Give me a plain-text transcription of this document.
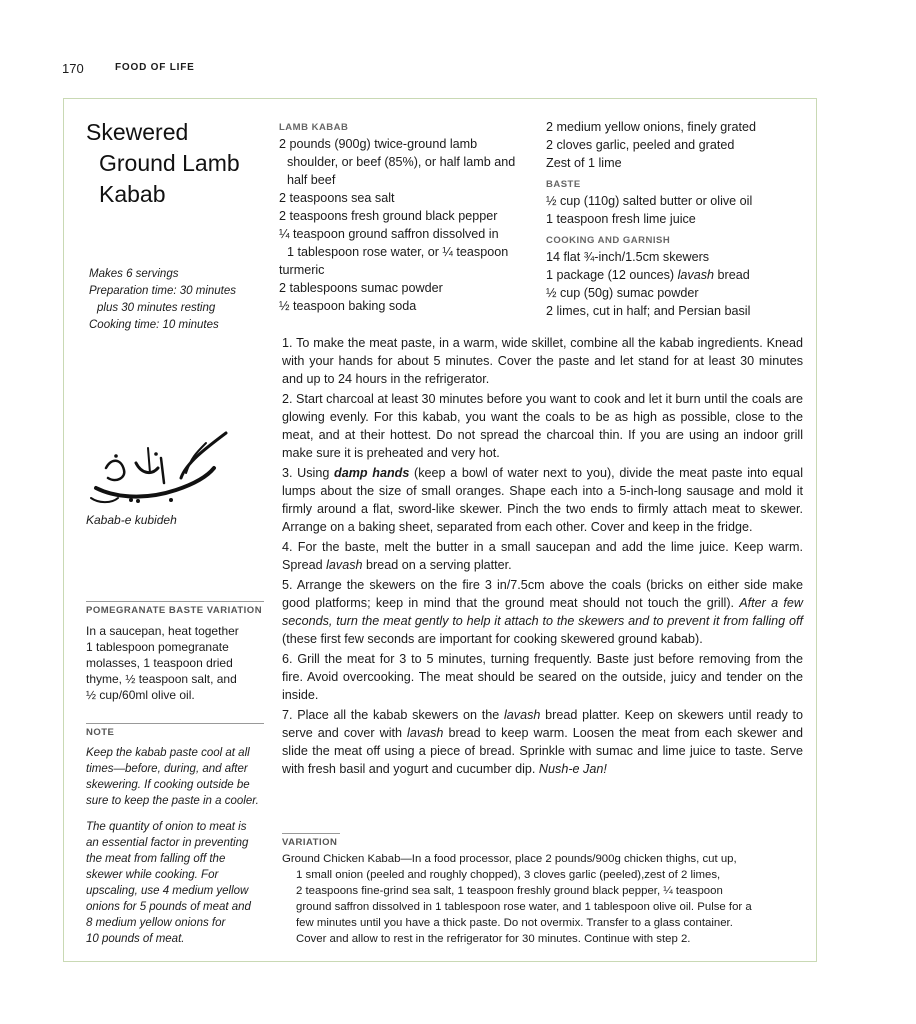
170	FOOD OF LIFE
Skewered
Ground Lamb
Kabab
Makes 6 servings
Preparation time: 30 minutes
plus 30 minutes resting
Cooking time: 10 minutes
Kabab-e kubideh
POMEGRANATE BASTE VARIATION
In a saucepan, heat together
1 tablespoon pomegranate
molasses, 1 teaspoon dried
thyme, ½ teaspoon salt, and
½ cup/60ml olive oil.
NOTE

Keep the kabab paste cool at all
times—before, during, and after
skewering. If cooking outside be
sure to keep the paste in a cooler.

The quantity of onion to meat is
an essential factor in preventing
the meat from falling off the
skewer while cooking. For
upscaling, use 4 medium yellow
onions for 5 pounds of meat and
8 medium yellow onions for
10 pounds of meat.

LAMB KABAB
2 pounds (900g) twice-ground lamb
shoulder, or beef (85%), or half lamb and
half beef
2 teaspoons sea salt
2 teaspoons fresh ground black pepper
¼ teaspoon ground saffron dissolved in
1 tablespoon rose water, or ¼ teaspoon
turmeric
2 tablespoons sumac powder
½ teaspoon baking soda
2 medium yellow onions, finely grated
2 cloves garlic, peeled and grated
Zest of 1 lime
BASTE
½ cup (110g) salted butter or olive oil
1 teaspoon fresh lime juice
COOKING AND GARNISH
14 flat ¾-inch/1.5cm skewers
1 package (12 ounces) lavash bread
½ cup (50g) sumac powder
2 limes, cut in half; and Persian basil

1. To make the meat paste, in a warm, wide skillet, combine all the kabab ingredients. Knead with your hands for about 5 minutes. Cover the paste and let stand for at least 30 minutes and up to 24 hours in the refrigerator.

2. Start charcoal at least 30 minutes before you want to cook and let it burn until the coals are glowing evenly. For this kabab, you want the coals to be as high as possible, close to the meat, and at their hottest. Do not spread the charcoal thin. If you are using an indoor grill make sure it is preheated and very hot.

3. Using damp hands (keep a bowl of water next to you), divide the meat paste into equal lumps about the size of small oranges. Shape each into a 5-inch-long sausage and mold it firmly around a flat, sword-like skewer. Pinch the two ends to firmly attach meat to skewer. Arrange on a baking sheet, separated from each other. Cover and keep in the fridge.

4. For the baste, melt the butter in a small saucepan and add the lime juice. Keep warm. Spread lavash bread on a serving platter.

5. Arrange the skewers on the fire 3 in/7.5cm above the coals (bricks on either side make good platforms; keep in mind that the ground meat should not touch the grill). After a few seconds, turn the meat gently to help it attach to the skewers and to prevent it from falling off (these first few seconds are important for cooking skewered ground kabab).

6. Grill the meat for 3 to 5 minutes, turning frequently. Baste just before removing from the fire. Avoid overcooking. The meat should be seared on the outside, juicy and tender on the inside.

7. Place all the kabab skewers on the lavash bread platter. Keep on skewers until ready to serve and cover with lavash bread to keep warm. Loosen the meat from each skewer and slide the meat off using a piece of bread. Sprinkle with sumac and lime juice to taste. Serve with fresh basil and yogurt and cucumber dip. Nush-e Jan!

VARIATION
Ground Chicken Kabab—In a food processor, place 2 pounds/900g chicken thighs, cut up,
1 small onion (peeled and roughly chopped), 3 cloves garlic (peeled),zest of 2 limes,
2 teaspoons fine-grind sea salt, 1 teaspoon freshly ground black pepper, ¼ teaspoon
ground saffron dissolved in 1 tablespoon rose water, and 1 tablespoon olive oil. Pulse for a
few minutes until you have a thick paste. Do not overmix. Transfer to a glass container.
Cover and allow to rest in the refrigerator for 30 minutes. Continue with step 2.
